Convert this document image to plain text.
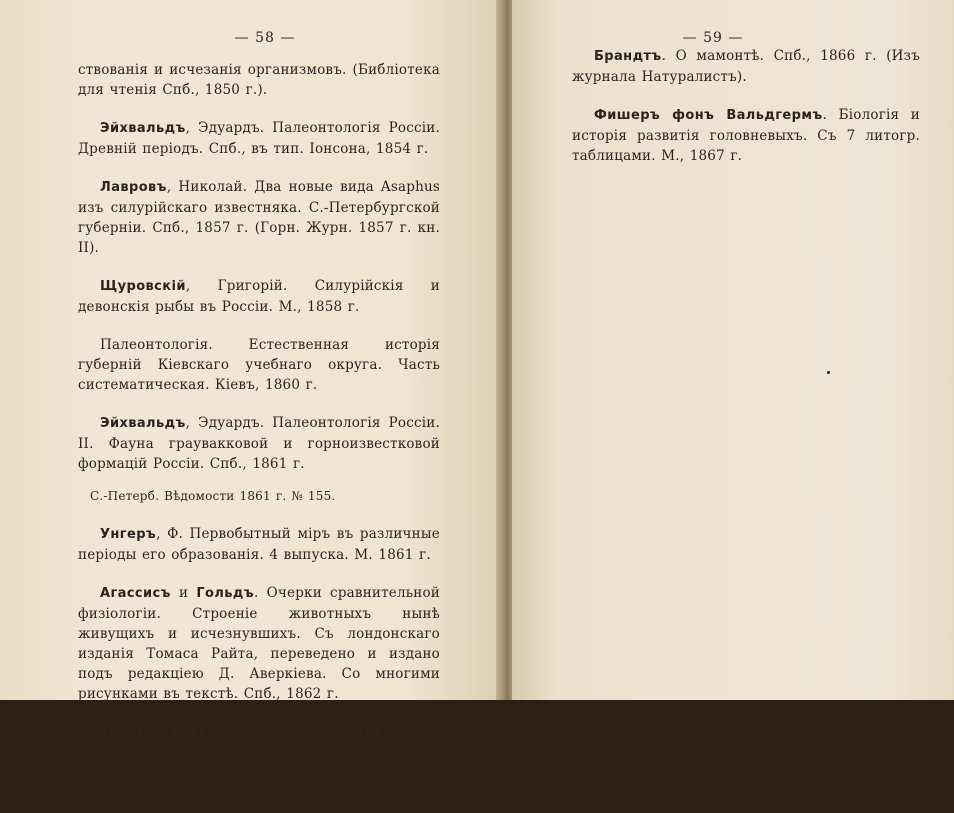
— 58 —

ствованія и исчезанія организмовъ. (Библіотека для чтенія Спб., 1850 г.).

Эйхвальдъ, Эдуардъ. Палеонтологія Россіи. Древній періодъ. Спб., въ тип. Іонсона, 1854 г.

Лавровъ, Николай. Два новые вида Asaphus изъ силурійскаго известняка. С.-Петербургской губерніи. Спб., 1857 г. (Горн. Журн. 1857 г. кн. II).

Щуровскій, Григорій. Силурійскія и девонскія рыбы въ Россіи. М., 1858 г.

Палеонтологія. Естественная исторія губерній Кіевскаго учебнаго округа. Часть систематическая. Кіевъ, 1860 г.

Эйхвальдъ, Эдуардъ. Палеонтологія Россіи. II. Фауна граувакковой и горноизвестковой формацій Россіи. Спб., 1861 г.

С.-Петерб. Вѣдомости 1861 г. № 155.

Унгеръ, Ф. Первобытный міръ въ различные періоды его образованія. 4 выпуска. М. 1861 г.

Агассисъ и Гольдъ. Очерки сравнительной физіологіи. Строеніе животныхъ нынѣ живущихъ и исчезнувшихъ. Съ лондонскаго изданія Томаса Райта, переведено и издано подъ редакціею Д. Аверкіева. Со многими рисунками въ текстѣ. Спб., 1862 г.

Траутшольдъ. О юрскихъ окаменѣлостяхъ въ Индерскѣ. М. 1864 г.

Горн. Журн. 1864 г. Часть II, стр. 310.

— 59 —

Брандтъ. О мамонтѣ. Спб., 1866 г. (Изъ журнала Натуралистъ).

Фишеръ фонъ Вальдгермъ. Біологія и исторія развитія головневыхъ. Съ 7 литогр. таблицами. М., 1867 г.
